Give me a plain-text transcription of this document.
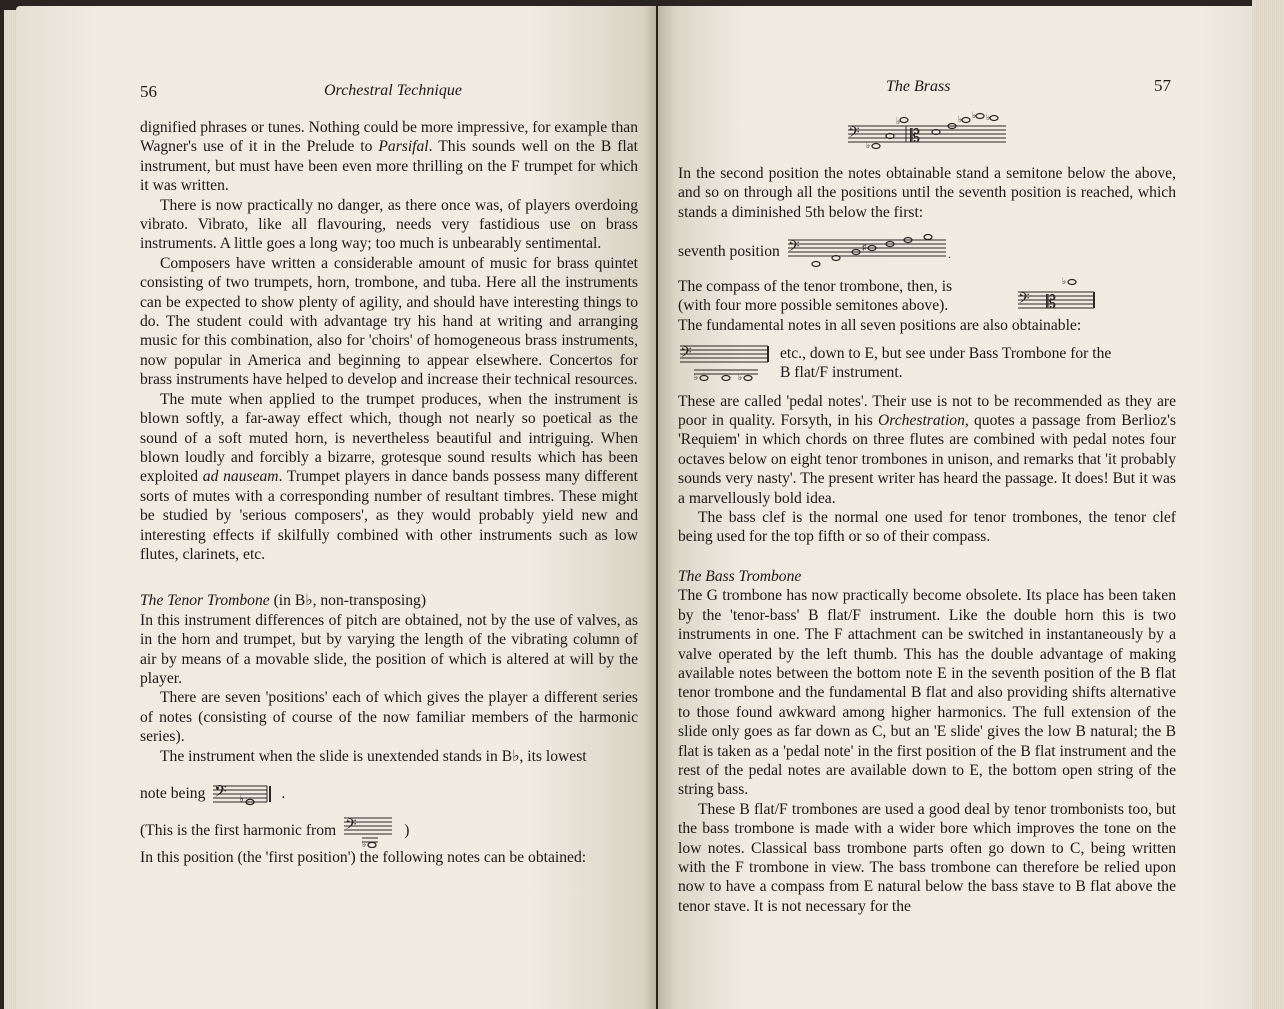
56	Orchestral Technique

dignified phrases or tunes. Nothing could be more impressive, for example than Wagner's use of it in the Prelude to Parsifal. This sounds well on the B flat instrument, but must have been even more thrilling on the F trumpet for which it was written.

There is now practically no danger, as there once was, of players overdoing vibrato. Vibrato, like all flavouring, needs very fastidious use on brass instruments. A little goes a long way; too much is unbearably sentimental.

Composers have written a considerable amount of music for brass quintet consisting of two trumpets, horn, trombone, and tuba. Here all the instruments can be expected to show plenty of agility, and should have interesting things to do. The student could with advantage try his hand at writing and arranging music for this combination, also for 'choirs' of homogeneous brass instruments, now popular in America and beginning to appear elsewhere. Concertos for brass instruments have helped to develop and increase their technical resources.

The mute when applied to the trumpet produces, when the instrument is blown softly, a far-away effect which, though not nearly so poetical as the sound of a soft muted horn, is nevertheless beautiful and intriguing. When blown loudly and forcibly a bizarre, grotesque sound results which has been exploited ad nauseam. Trumpet players in dance bands possess many different sorts of mutes with a corresponding number of resultant timbres. These might be studied by 'serious composers', as they would probably yield new and interesting effects if skilfully combined with other instruments such as low flutes, clarinets, etc.

The Tenor Trombone (in B♭, non-transposing)

In this instrument differences of pitch are obtained, not by the use of valves, as in the horn and trumpet, but by varying the length of the vibrating column of air by means of a movable slide, the position of which is altered at will by the player.

There are seven 'positions' each of which gives the player a different series of notes (consisting of course of the now familiar members of the harmonic series).

The instrument when the slide is unextended stands in B♭, its lowest

note being 𝄢 ♭ .
(This is the first harmonic from 𝄢
♭
)

In this position (the 'first position') the following notes can be obtained:

The Brass	57
𝄢
♭
♭
𝄡
♭ ♭ ♭

In the second position the notes obtainable stand a semitone below the above, and so on through all the positions until the seventh position is reached, which stands a diminished 5th below the first:

seventh position 𝄢	♯	.

The compass of the tenor trombone, then, is

(with four more possible semitones above).	𝄢 𝄡
♭

The fundamental notes in all seven positions are also obtainable:

𝄢
♭	♭

etc., down to E, but see under Bass Trombone for the

B flat/F instrument.

These are called 'pedal notes'. Their use is not to be recommended as they are poor in quality. Forsyth, in his Orchestration, quotes a passage from Berlioz's 'Requiem' in which chords on three flutes are combined with pedal notes four octaves below on eight tenor trombones in unison, and remarks that 'it probably sounds very nasty'. The present writer has heard the passage. It does! But it was a marvellously bold idea.

The bass clef is the normal one used for tenor trombones, the tenor clef being used for the top fifth or so of their compass.

The Bass Trombone

The G trombone has now practically become obsolete. Its place has been taken by the 'tenor-bass' B flat/F instrument. Like the double horn this is two instruments in one. The F attachment can be switched in instantaneously by a valve operated by the left thumb. This has the double advantage of making available notes between the bottom note E in the seventh position of the B flat tenor trombone and the fundamental B flat and also providing shifts alternative to those found awkward among higher harmonics. The full extension of the slide only goes as far down as C, but an 'E slide' gives the low B natural; the B flat is taken as a 'pedal note' in the first position of the B flat instrument and the rest of the pedal notes are available down to E, the bottom open string of the string bass.

These B flat/F trombones are used a good deal by tenor trombonists too, but the bass trombone is made with a wider bore which improves the tone on the low notes. Classical bass trombone parts often go down to C, being written with the F trombone in view. The bass trombone can therefore be relied upon now to have a compass from E natural below the bass stave to B flat above the tenor stave. It is not necessary for the
